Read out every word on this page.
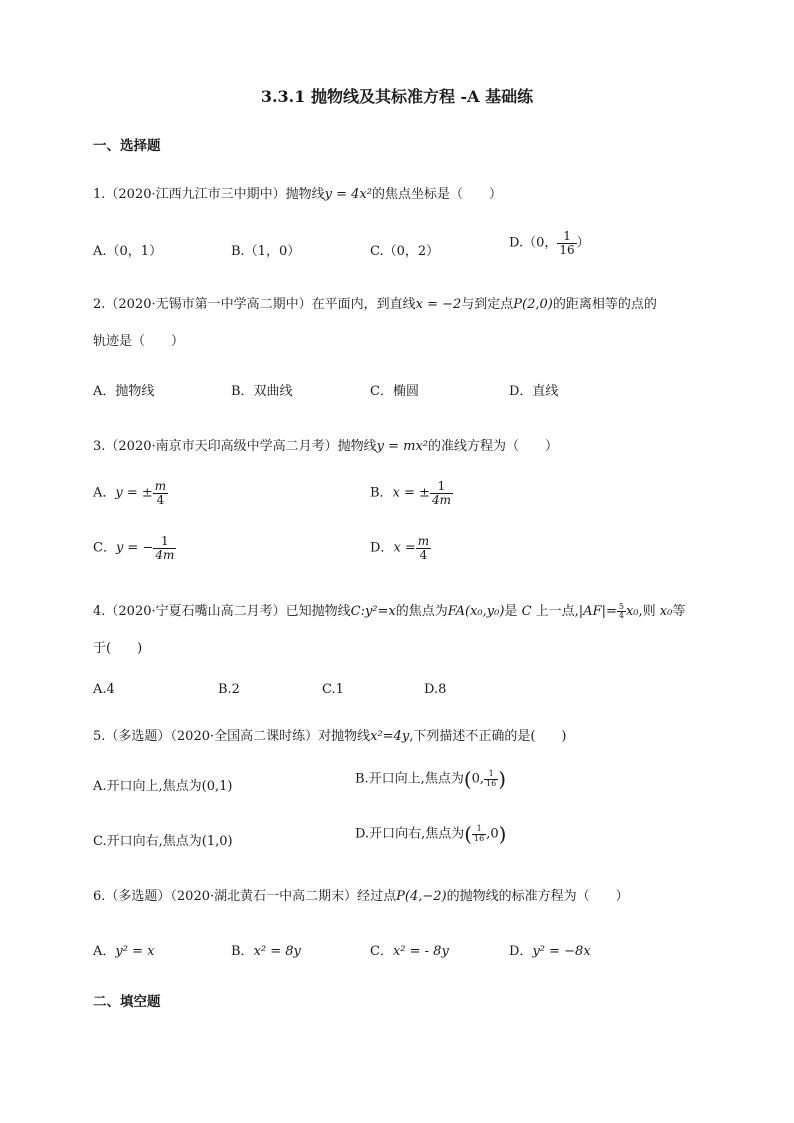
3.3.1 抛物线及其标准方程 -A 基础练
一、选择题
1.（2020·江西九江市三中期中）抛物线y = 4x²的焦点坐标是（　　）
A.（0，1）	B.（1，0）	C.（0，2）
D.（0， $\frac{1}{16}$ ）
2.（2020·无锡市第一中学高二期中）在平面内，到直线x = −2与到定点P(2,0)的距离相等的点的
轨迹是（　　）
A．抛物线	B．双曲线	C．椭圆	D．直线
3.（2020·南京市天印高级中学高二月考）抛物线y = mx²的准线方程为（　　）
A．y = ± $\frac{m}{4}$	B．x = ± $\frac{1}{4m}$
C．y = − $\frac{1}{4m}$	D．$x = \frac{m}{4}$
4.（2020·宁夏石嘴山高二月考）已知抛物线C:y²=x的焦点为FA(x₀,y₀)是 C 上一点$,|AF|= \frac{5}{4} x_0$,则 x₀等
于(　　)
A.4	B.2	C.1	D.8
5.（多选题）（2020·全国高二课时练）对抛物线x²=4y,下列描述不正确的是(　　)
A.开口向上,焦点为(0,1)	B.开口向上,焦点为(0, $\frac{1}{16}$ )
C.开口向右,焦点为(1,0)	D.开口向右,焦点为( $\frac{1}{16} ,0$)
6.（多选题）（2020·湖北黄石一中高二期末）经过点P(4,−2)的抛物线的标准方程为（　　）
A．y² = x	B．x² = 8y	C．x² = - 8y	D．y² = −8x
二、填空题
